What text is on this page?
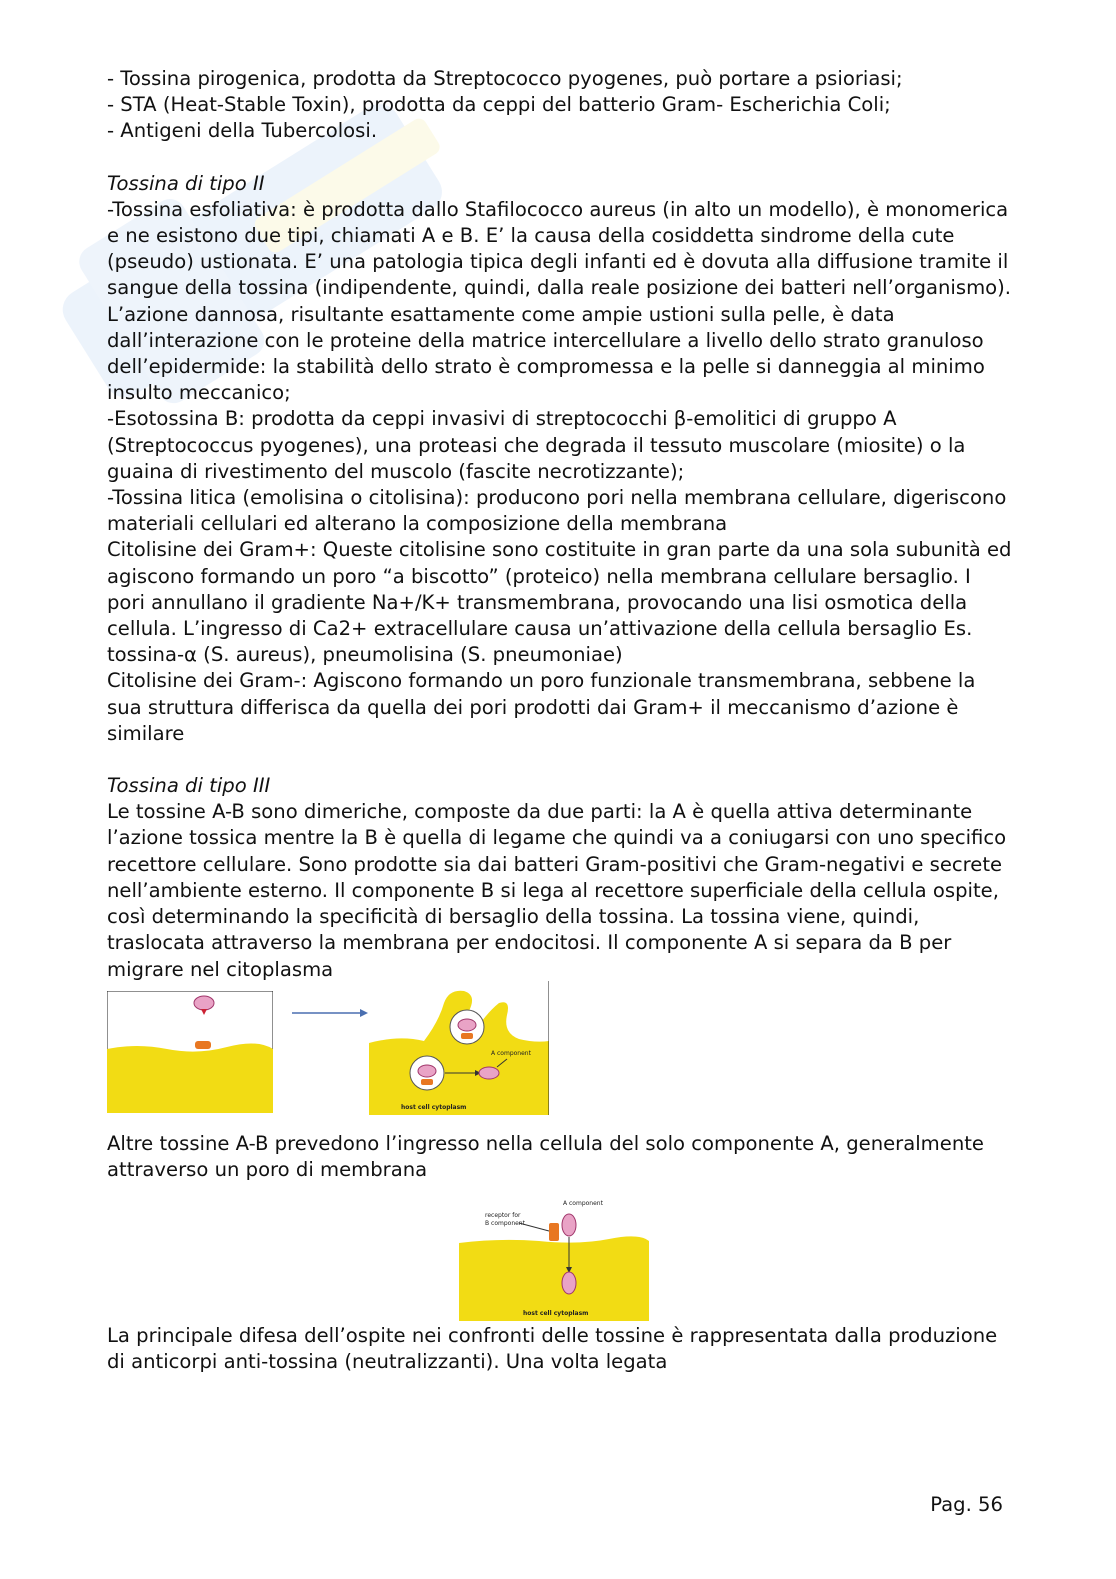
- Tossina pirogenica, prodotta da Streptococco pyogenes, può portare a psioriasi;

- STA (Heat-Stable Toxin), prodotta da ceppi del batterio Gram- Escherichia Coli;

- Antigeni della Tubercolosi.

Tossina di tipo II

-Tossina esfoliativa: è prodotta dallo Stafilococco aureus (in alto un modello), è monomerica e ne esistono due tipi, chiamati A e B. E’ la causa della cosiddetta sindrome della cute (pseudo) ustionata. E’ una patologia tipica degli infanti ed è dovuta alla diffusione tramite il sangue della tossina (indipendente, quindi, dalla reale posizione dei batteri nell’organismo). L’azione dannosa, risultante esattamente come ampie ustioni sulla pelle, è data dall’interazione con le proteine della matrice intercellulare a livello dello strato granuloso dell’epidermide: la stabilità dello strato è compromessa e la pelle si danneggia al minimo insulto meccanico;

-Esotossina B: prodotta da ceppi invasivi di streptococchi β-emolitici di gruppo A (Streptococcus pyogenes), una proteasi che degrada il tessuto muscolare (miosite) o la guaina di rivestimento del muscolo (fascite necrotizzante);

-Tossina litica (emolisina o citolisina): producono pori nella membrana cellulare, digeriscono materiali cellulari ed alterano la composizione della membrana

Citolisine dei Gram+: Queste citolisine sono costituite in gran parte da una sola subunità ed agiscono formando un poro “a biscotto” (proteico) nella membrana cellulare bersaglio. I pori annullano il gradiente Na+/K+ transmembrana, provocando una lisi osmotica della cellula. L’ingresso di Ca2+ extracellulare causa un’attivazione della cellula bersaglio Es. tossina-α (S. aureus), pneumolisina (S. pneumoniae)

Citolisine dei Gram-: Agiscono formando un poro funzionale transmembrana, sebbene la sua struttura differisca da quella dei pori prodotti dai Gram+ il meccanismo d’azione è similare

Tossina di tipo III

Le tossine A-B sono dimeriche, composte da due parti: la A è quella attiva determinante l’azione tossica mentre la B è quella di legame che quindi va a coniugarsi con uno specifico recettore cellulare. Sono prodotte sia dai batteri Gram-positivi che Gram-negativi e secrete nell’ambiente esterno. Il componente B si lega al recettore superficiale della cellula ospite, così determinando la specificità di bersaglio della tossina. La tossina viene, quindi, traslocata attraverso la membrana per endocitosi. Il componente A si separa da B per migrare nel citoplasma

A component
host cell cytoplasm

Altre tossine A-B prevedono l’ingresso nella cellula del solo componente A, generalmente attraverso un poro di membrana

receptor for
B component
A component
host cell cytoplasm

La principale difesa dell’ospite nei confronti delle tossine è rappresentata dalla produzione di anticorpi anti-tossina (neutralizzanti). Una volta legata

Pag. 56
